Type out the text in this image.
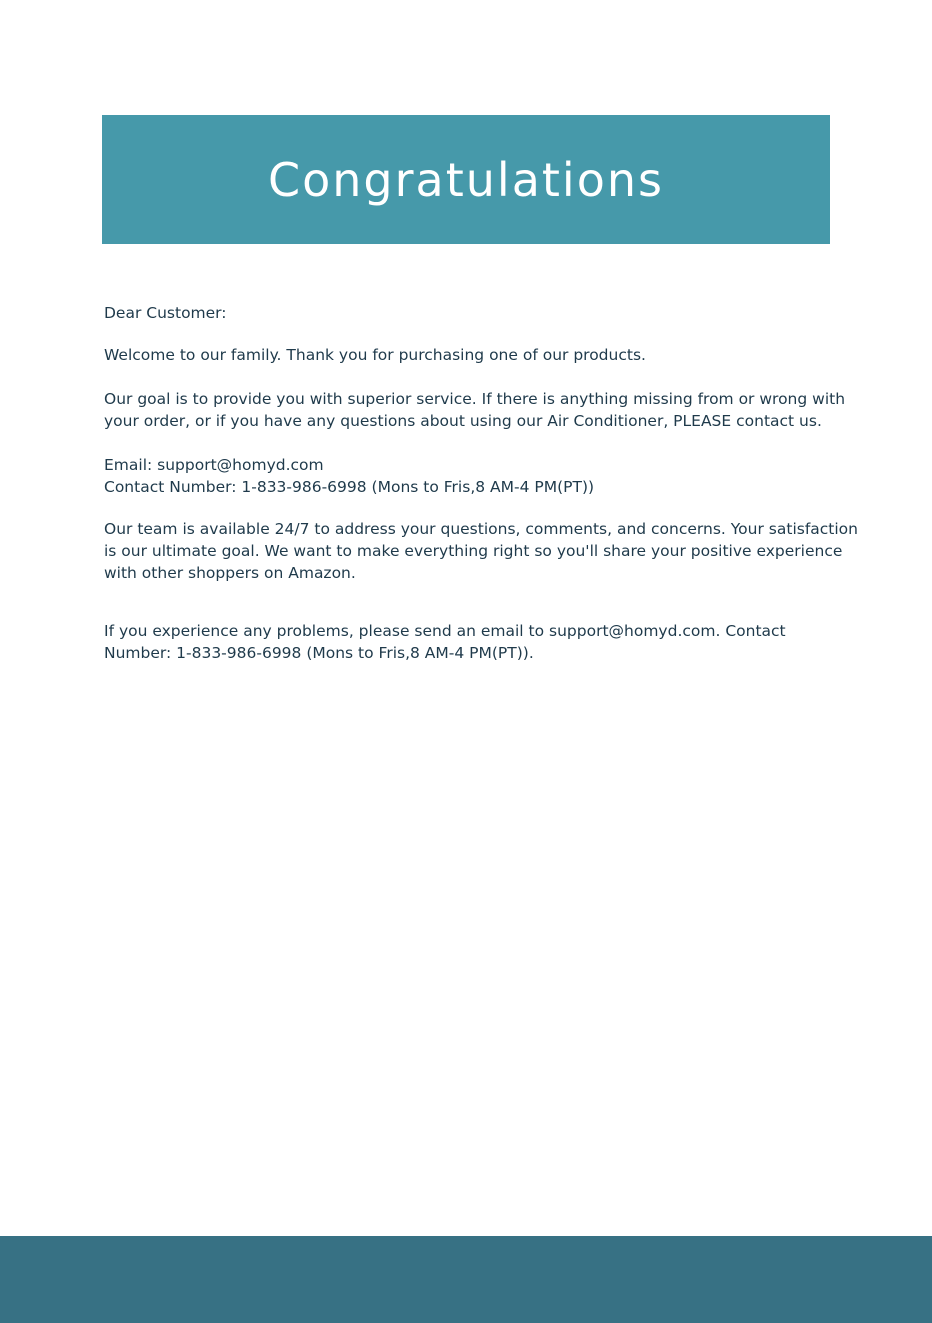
Congratulations

Dear Customer:

Welcome to our family. Thank you for purchasing one of our products.

Our goal is to provide you with superior service. If there is anything missing from or wrong with

your order, or if you have any questions about using our Air Conditioner, PLEASE contact us.

Email: support@homyd.com

Contact Number: 1-833-986-6998 (Mons to Fris,8 AM-4 PM(PT))

Our team is available 24/7 to address your questions, comments, and concerns. Your satisfaction

is our ultimate goal. We want to make everything right so you'll share your positive experience

with other shoppers on Amazon.

If you experience any problems, please send an email to support@homyd.com. Contact

Number: 1-833-986-6998 (Mons to Fris,8 AM-4 PM(PT)).
